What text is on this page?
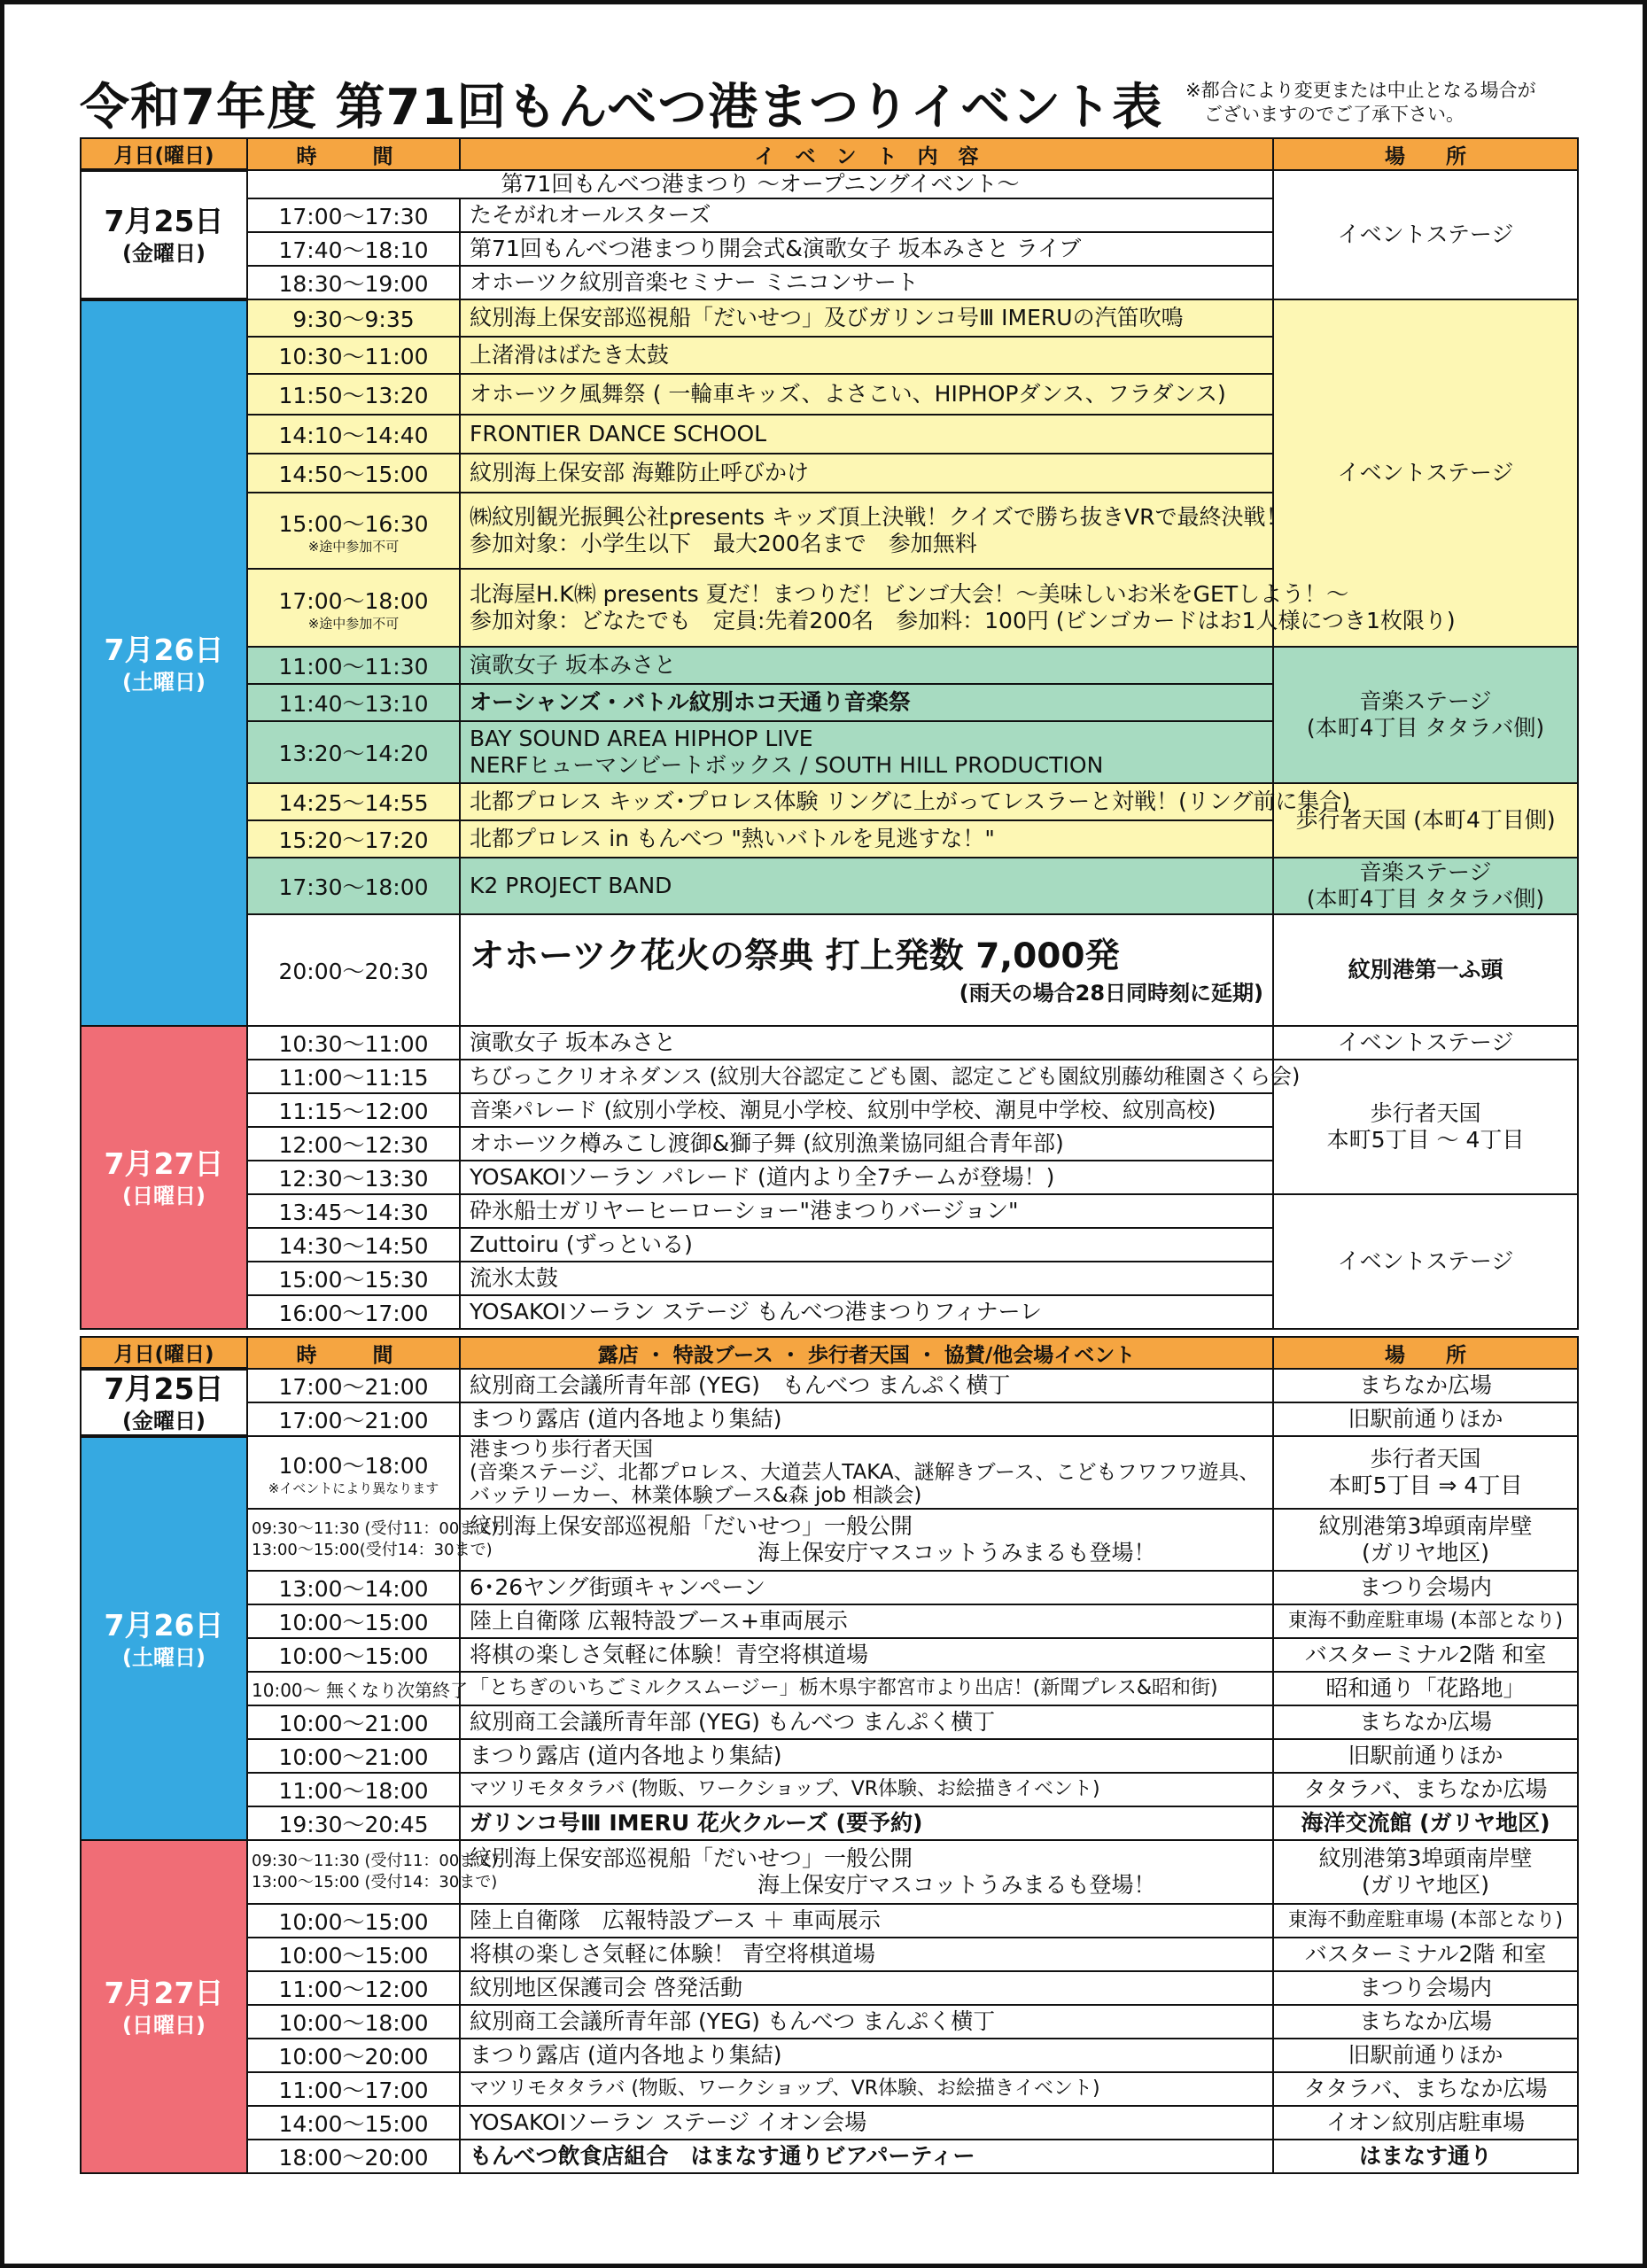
令和7年度 第71回もんべつ港まつりイベント表 ※都合により変更または中止となる場合が
　ございますのでご了承下さい。
月日(曜日)	時　間	イ　ベ　ン　ト　内　容	場　　所
7月25日
(金曜日)	第71回もんべつ港まつり 〜オープニングイベント〜		イベントステージ
	17:00〜17:30	たそがれオールスターズ	
	17:40〜18:10	第71回もんべつ港まつり開会式&演歌女子 坂本みさと ライブ	
	18:30〜19:00	オホーツク紋別音楽セミナー ミニコンサート	
7月26日
(土曜日)	9:30〜9:35	紋別海上保安部巡視船「だいせつ」及びガリンコ号Ⅲ IMERUの汽笛吹鳴	イベントステージ
	10:30〜11:00	上渚滑はばたき太鼓	
	11:50〜13:20	オホーツク風舞祭 ( 一輪車キッズ、よさこい、HIPHOPダンス、フラダンス)	
	14:10〜14:40	FRONTIER DANCE SCHOOL	
	14:50〜15:00	紋別海上保安部 海難防止呼びかけ	
	15:00〜16:30
※途中参加不可	㈱紋別観光振興公社presents キッズ頂上決戦！クイズで勝ち抜きVRで最終決戦！
参加対象：小学生以下　最大200名まで　参加無料	
	17:00〜18:00
※途中参加不可	北海屋H.K㈱ presents 夏だ！まつりだ！ビンゴ大会！〜美味しいお米をGETしよう！〜
参加対象：どなたでも　定員:先着200名　参加料：100円 (ビンゴカードはお1人様につき1枚限り)	
	11:00〜11:30	演歌女子 坂本みさと	音楽ステージ
(本町4丁目 タタラバ側)
	11:40〜13:10	オーシャンズ・バトル紋別ホコ天通り音楽祭	
	13:20〜14:20	BAY SOUND AREA HIPHOP LIVE
NERFヒューマンビートボックス / SOUTH HILL PRODUCTION	
	14:25〜14:55	北都プロレス キッズ･プロレス体験 リングに上がってレスラーと対戦！(リング前に集合)	歩行者天国 (本町4丁目側)
	15:20〜17:20	北都プロレス in もんべつ "熱いバトルを見逃すな！"	
	17:30〜18:00	K2 PROJECT BAND	音楽ステージ
(本町4丁目 タタラバ側)
	20:00〜20:30	オホーツク花火の祭典 打上発数 7,000発
(雨天の場合28日同時刻に延期)	紋別港第一ふ頭
7月27日
(日曜日)	10:30〜11:00	演歌女子 坂本みさと	イベントステージ
	11:00〜11:15	ちびっこクリオネダンス (紋別大谷認定こども園、認定こども園紋別藤幼稚園さくら会)	歩行者天国
本町5丁目 〜 4丁目
	11:15〜12:00	音楽パレード (紋別小学校、潮見小学校、紋別中学校、潮見中学校、紋別高校)	
	12:00〜12:30	オホーツク樽みこし渡御&獅子舞 (紋別漁業協同組合青年部)	
	12:30〜13:30	YOSAKOIソーラン パレード (道内より全7チームが登場！)	
	13:45〜14:30	砕氷船士ガリヤーヒーローショー"港まつりバージョン"	イベントステージ
	14:30〜14:50	Zuttoiru (ずっといる)	
	15:00〜15:30	流氷太鼓	
	16:00〜17:00	YOSAKOIソーラン ステージ もんべつ港まつりフィナーレ	
月日(曜日)	時　間	露店 ・ 特設ブース ・ 歩行者天国 ・ 協賛/他会場イベント	場　　所
7月25日
(金曜日)	17:00〜21:00	紋別商工会議所青年部 (YEG)　もんべつ まんぷく横丁	まちなか広場
	17:00〜21:00	まつり露店 (道内各地より集結)	旧駅前通りほか
7月26日
(土曜日)	10:00〜18:00
※イベントにより異なります	港まつり歩行者天国
(音楽ステージ、北都プロレス、大道芸人TAKA、謎解きブース、こどもフワフワ遊具、
バッテリーカー、林業体験ブース&森 job 相談会)	歩行者天国
本町5丁目 ⇒ 4丁目
	09:30〜11:30 (受付11：00まで)
13:00〜15:00(受付14：30まで)	紋別海上保安部巡視船「だいせつ」一般公開
　　　　　　　　　　　　　海上保安庁マスコットうみまるも登場！	紋別港第3埠頭南岸壁
(ガリヤ地区)
	13:00〜14:00	6･26ヤング街頭キャンペーン	まつり会場内
	10:00〜15:00	陸上自衛隊 広報特設ブース+車両展示	東海不動産駐車場 (本部となり)
	10:00〜15:00	将棋の楽しさ気軽に体験！青空将棋道場	バスターミナル2階 和室
	10:00〜 無くなり次第終了	「とちぎのいちごミルクスムージー」栃木県宇都宮市より出店！(新聞プレス&昭和街)	昭和通り「花路地」
	10:00〜21:00	紋別商工会議所青年部 (YEG) もんべつ まんぷく横丁	まちなか広場
	10:00〜21:00	まつり露店 (道内各地より集結)	旧駅前通りほか
	11:00〜18:00	マツリモタタラバ (物販、ワークショップ、VR体験、お絵描きイベント)	タタラバ、まちなか広場
	19:30〜20:45	ガリンコ号Ⅲ IMERU 花火クルーズ (要予約)	海洋交流館 (ガリヤ地区)
7月27日
(日曜日)	09:30〜11:30 (受付11：00まで)
13:00〜15:00 (受付14：30まで)	紋別海上保安部巡視船「だいせつ」一般公開
　　　　　　　　　　　　　海上保安庁マスコットうみまるも登場！	紋別港第3埠頭南岸壁
(ガリヤ地区)
	10:00〜15:00	陸上自衛隊　広報特設ブース ＋ 車両展示	東海不動産駐車場 (本部となり)
	10:00〜15:00	将棋の楽しさ気軽に体験！ 青空将棋道場	バスターミナル2階 和室
	11:00〜12:00	紋別地区保護司会 啓発活動	まつり会場内
	10:00〜18:00	紋別商工会議所青年部 (YEG) もんべつ まんぷく横丁	まちなか広場
	10:00〜20:00	まつり露店 (道内各地より集結)	旧駅前通りほか
	11:00〜17:00	マツリモタタラバ (物販、ワークショップ、VR体験、お絵描きイベント)	タタラバ、まちなか広場
	14:00〜15:00	YOSAKOIソーラン ステージ イオン会場	イオン紋別店駐車場
	18:00〜20:00	もんべつ飲食店組合　はまなす通りビアパーティー	はまなす通り
